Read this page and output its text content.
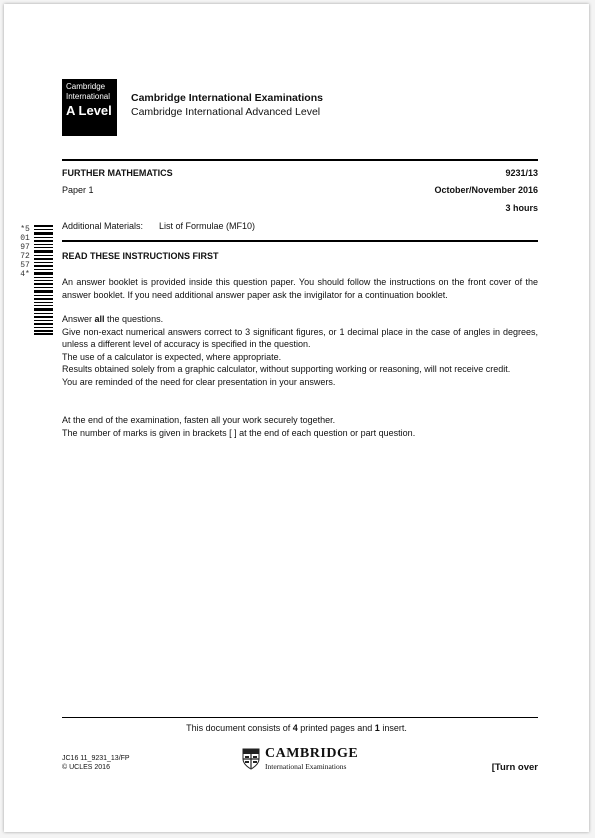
Cambridge
International
A Level
Cambridge International Examinations
Cambridge International Advanced Level
FURTHER MATHEMATICS	9231/13
Paper 1	October/November 2016
3 hours
Additional Materials: List of Formulae (MF10)
*5019772574*
READ THESE INSTRUCTIONS FIRST

An answer booklet is provided inside this question paper. You should follow the instructions on the front cover of the answer booklet. If you need additional answer paper ask the invigilator for a continuation booklet.

Answer all the questions.

Give non-exact numerical answers correct to 3 significant figures, or 1 decimal place in the case of angles in degrees, unless a different level of accuracy is specified in the question.

The use of a calculator is expected, where appropriate.

Results obtained solely from a graphic calculator, without supporting working or reasoning, will not receive credit.

You are reminded of the need for clear presentation in your answers.

At the end of the examination, fasten all your work securely together.

The number of marks is given in brackets [ ] at the end of each question or part question.

This document consists of 4 printed pages and 1 insert.
JC16 11_9231_13/FP
© UCLES 2016
CAMBRIDGE
International Examinations	[Turn over
